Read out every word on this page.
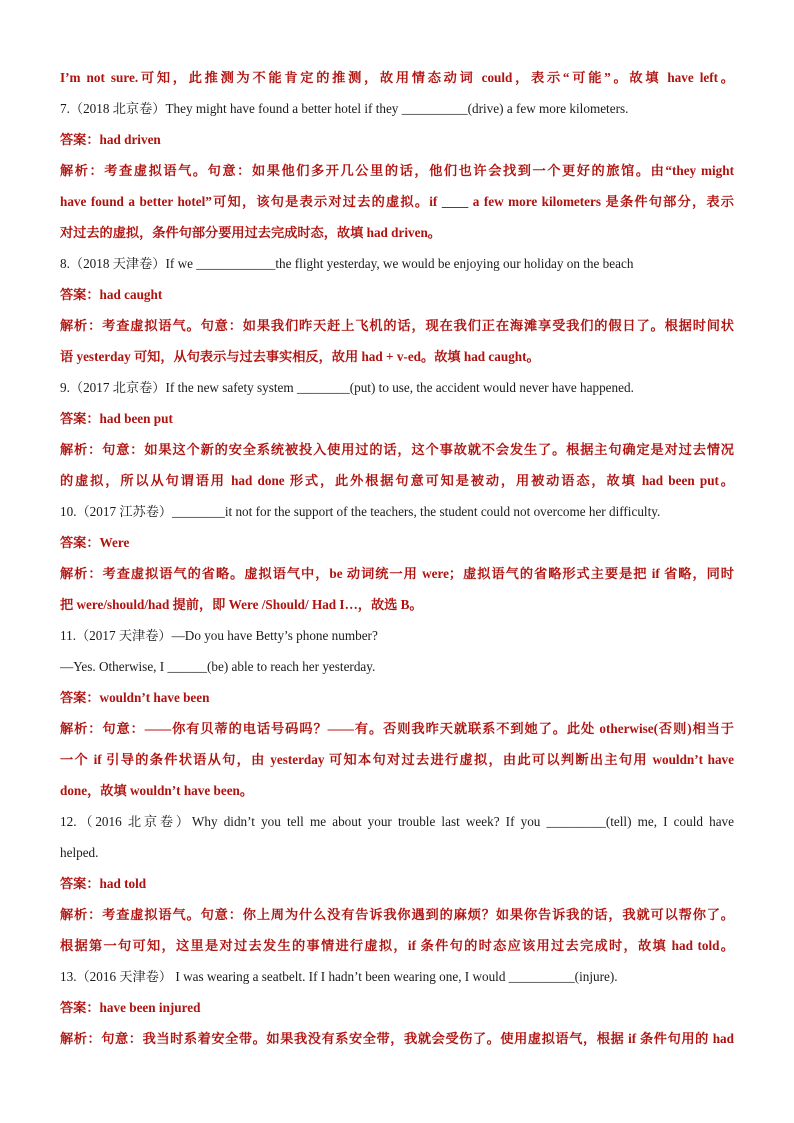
I’m not sure.可知，此推测为不能肯定的推测，故用情态动词 could，表示“可能”。故填 have left。
7.（2018 北京卷）They might have found a better hotel if they __________(drive) a few more kilometers.
答案：had driven
解析：考查虚拟语气。句意：如果他们多开几公里的话，他们也许会找到一个更好的旅馆。由“they might
have found a better hotel”可知，该句是表示对过去的虚拟。if ____ a few more kilometers 是条件句部分，表示
对过去的虚拟，条件句部分要用过去完成时态，故填 had driven。
8.（2018 天津卷）If we ____________the flight yesterday, we would be enjoying our holiday on the beach
答案：had caught
解析：考查虚拟语气。句意：如果我们昨天赶上飞机的话，现在我们正在海滩享受我们的假日了。根据时间状
语 yesterday 可知，从句表示与过去事实相反，故用 had + v-ed。故填 had caught。
9.（2017 北京卷）If the new safety system ________(put) to use, the accident would never have happened.
答案：had been put
解析：句意：如果这个新的安全系统被投入使用过的话，这个事故就不会发生了。根据主句确定是对过去情况
的虚拟，所以从句谓语用 had done 形式，此外根据句意可知是被动，用被动语态，故填 had been put。
10.（2017 江苏卷）________it not for the support of the teachers, the student could not overcome her difficulty.
答案：Were
解析：考查虚拟语气的省略。虚拟语气中，be 动词统一用 were；虚拟语气的省略形式主要是把 if 省略，同时
把 were/should/had 提前，即 Were /Should/ Had I…，故选 B。
11.（2017 天津卷）—Do you have Betty’s phone number?
—Yes. Otherwise, I ______(be) able to reach her yesterday.
答案：wouldn’t have been
解析：句意：——你有贝蒂的电话号码吗？——有。否则我昨天就联系不到她了。此处 otherwise(否则)相当于
一个 if 引导的条件状语从句，由 yesterday 可知本句对过去进行虚拟，由此可以判断出主句用 wouldn’t have
done，故填 wouldn’t have been。
12.（2016 北京卷）Why didn’t you tell me about your trouble last week? If you _________(tell) me, I could have
helped.
答案：had told
解析：考查虚拟语气。句意：你上周为什么没有告诉我你遇到的麻烦？如果你告诉我的话，我就可以帮你了。
根据第一句可知，这里是对过去发生的事情进行虚拟，if 条件句的时态应该用过去完成时，故填 had told。
13.（2016 天津卷） I was wearing a seatbelt. If I hadn’t been wearing one, I would __________(injure).
答案：have been injured
解析：句意：我当时系着安全带。如果我没有系安全带，我就会受伤了。使用虚拟语气，根据 if 条件句用的 had
